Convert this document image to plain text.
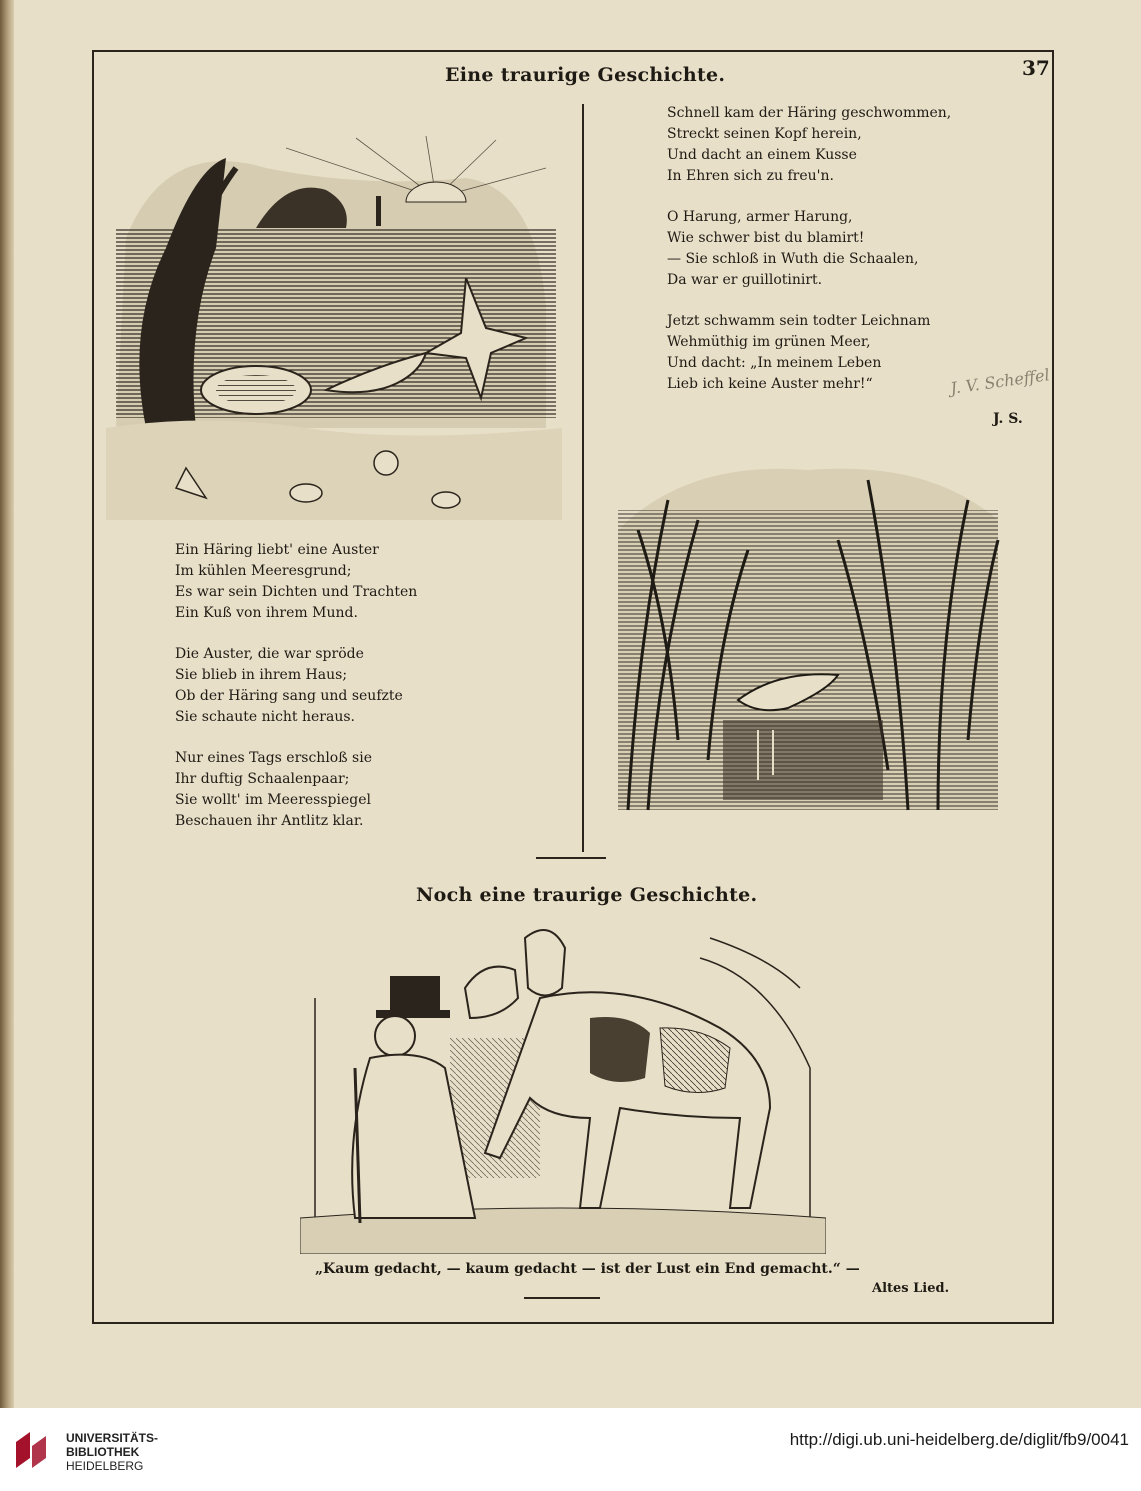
37
Eine traurige Geschichte.
Ein Häring liebt' eine Auster
Im kühlen Meeresgrund;
Es war sein Dichten und Trachten
Ein Kuß von ihrem Mund.
Die Auster, die war spröde
Sie blieb in ihrem Haus;
Ob der Häring sang und seufzte
Sie schaute nicht heraus.
Nur eines Tags erschloß sie
Ihr duftig Schaalenpaar;
Sie wollt' im Meeresspiegel
Beschauen ihr Antlitz klar.
Schnell kam der Häring geschwommen,
Streckt seinen Kopf herein,
Und dacht an einem Kusse
In Ehren sich zu freu'n.
O Harung, armer Harung,
Wie schwer bist du blamirt!
— Sie schloß in Wuth die Schaalen,
Da war er guillotinirt.
Jetzt schwamm sein todter Leichnam
Wehmüthig im grünen Meer,
Und dacht: „In meinem Leben
Lieb ich keine Auster mehr!“	J. V. Scheffel
J. S.
Noch eine traurige Geschichte.
„Kaum gedacht, — kaum gedacht — ist der Lust ein End gemacht.“ —
Altes Lied.
UNIVERSITÄTS-
BIBLIOTHEK
HEIDELBERG
http://digi.ub.uni-heidelberg.de/diglit/fb9/0041
